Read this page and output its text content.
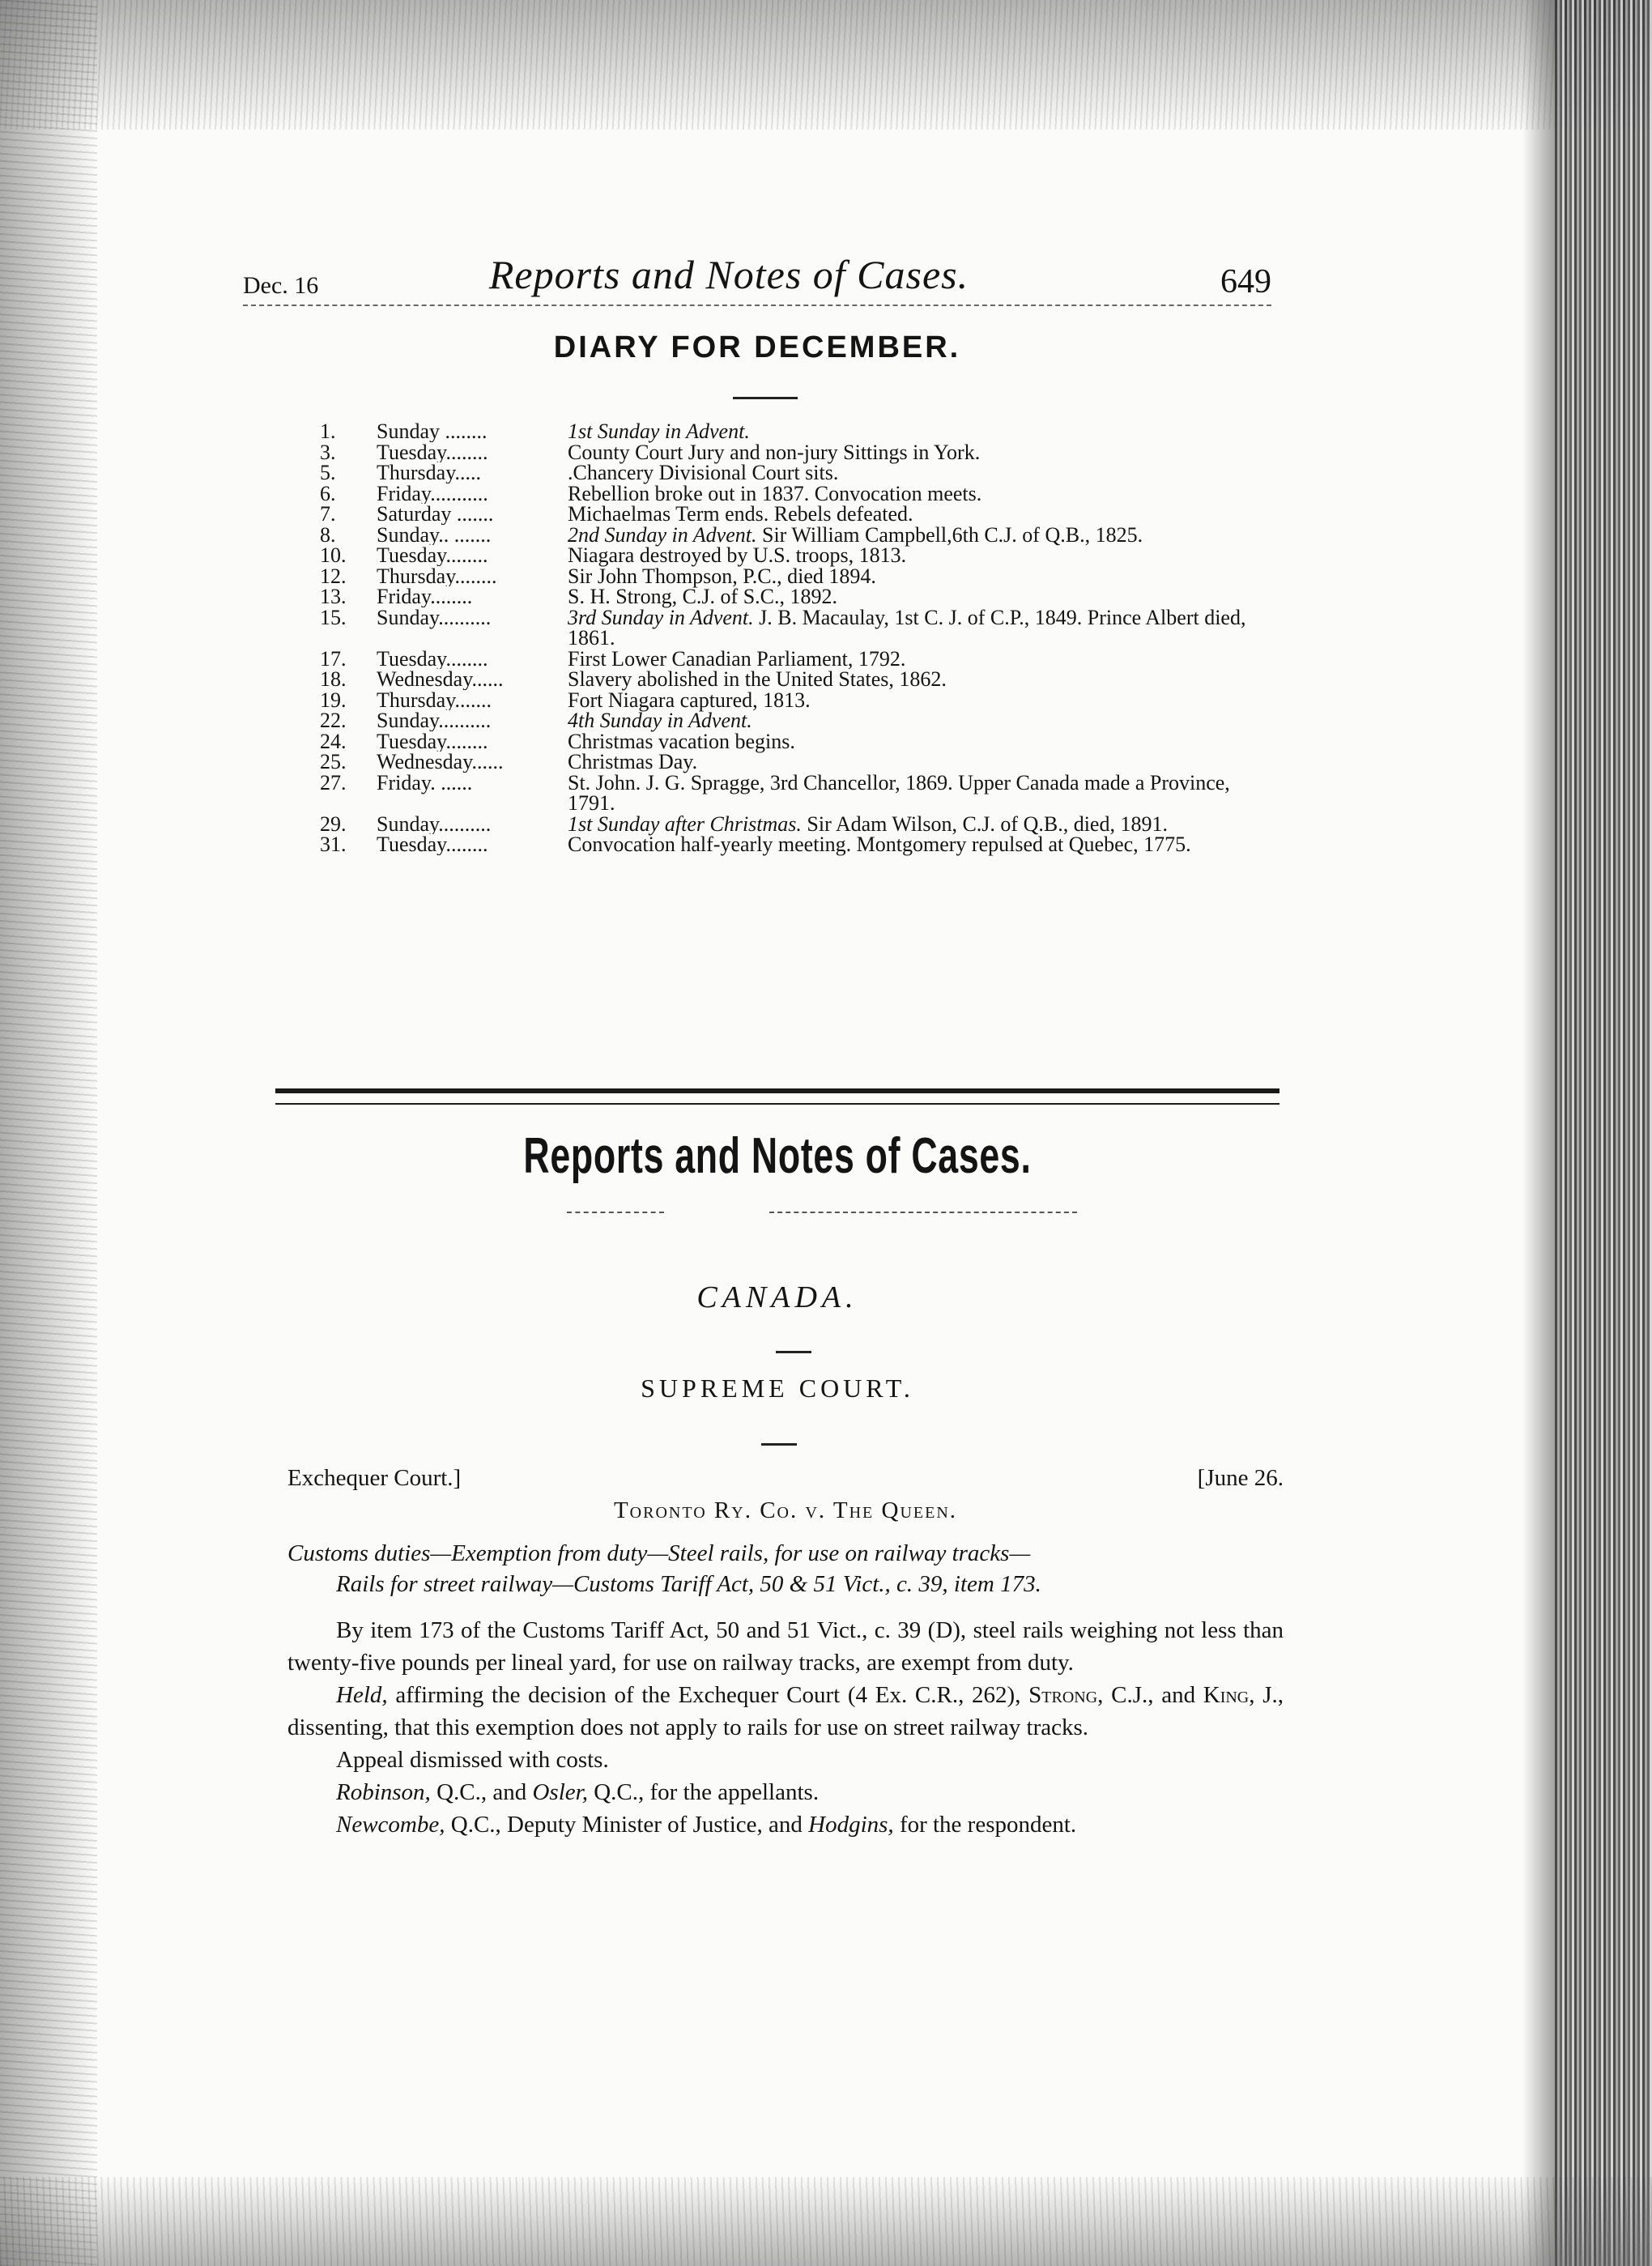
Dec. 16	Reports and Notes of Cases.	649
DIARY FOR DECEMBER.
1.	Sunday ........	1st Sunday in Advent.
3.	Tuesday........	County Court Jury and non-jury Sittings in York.
5.	Thursday.....	.Chancery Divisional Court sits.
6.	Friday...........	Rebellion broke out in 1837. Convocation meets.
7.	Saturday .......	Michaelmas Term ends. Rebels defeated.
8.	Sunday.. .......	2nd Sunday in Advent. Sir William Campbell,6th C.J. of Q.B., 1825.
10.	Tuesday........	Niagara destroyed by U.S. troops, 1813.
12.	Thursday........	Sir John Thompson, P.C., died 1894.
13.	Friday........	S. H. Strong, C.J. of S.C., 1892.
15.	Sunday..........	3rd Sunday in Advent. J. B. Macaulay, 1st C. J. of C.P., 1849. Prince Albert died, 1861.
17.	Tuesday........	First Lower Canadian Parliament, 1792.
18.	Wednesday......	Slavery abolished in the United States, 1862.
19.	Thursday.......	Fort Niagara captured, 1813.
22.	Sunday..........	4th Sunday in Advent.
24.	Tuesday........	Christmas vacation begins.
25.	Wednesday......	Christmas Day.
27.	Friday. ......	St. John. J. G. Spragge, 3rd Chancellor, 1869. Upper Canada made a Province, 1791.
29.	Sunday..........	1st Sunday after Christmas. Sir Adam Wilson, C.J. of Q.B., died, 1891.
31.	Tuesday........	Convocation half-yearly meeting. Montgomery repulsed at Quebec, 1775.
Reports and Notes of Cases.
CANADA.
SUPREME COURT.
Exchequer Court.]	[June 26.
Toronto Ry. Co. v. The Queen.
Customs duties—Exemption from duty—Steel rails, for use on railway tracks—
Rails for street railway—Customs Tariff Act, 50 & 51 Vict., c. 39, item 173.

By item 173 of the Customs Tariff Act, 50 and 51 Vict., c. 39 (D), steel rails weighing not less than twenty-five pounds per lineal yard, for use on railway tracks, are exempt from duty.

Held, affirming the decision of the Exchequer Court (4 Ex. C.R., 262), Strong, C.J., and King, J., dissenting, that this exemption does not apply to rails for use on street railway tracks.

Appeal dismissed with costs.

Robinson, Q.C., and Osler, Q.C., for the appellants.

Newcombe, Q.C., Deputy Minister of Justice, and Hodgins, for the respondent.
